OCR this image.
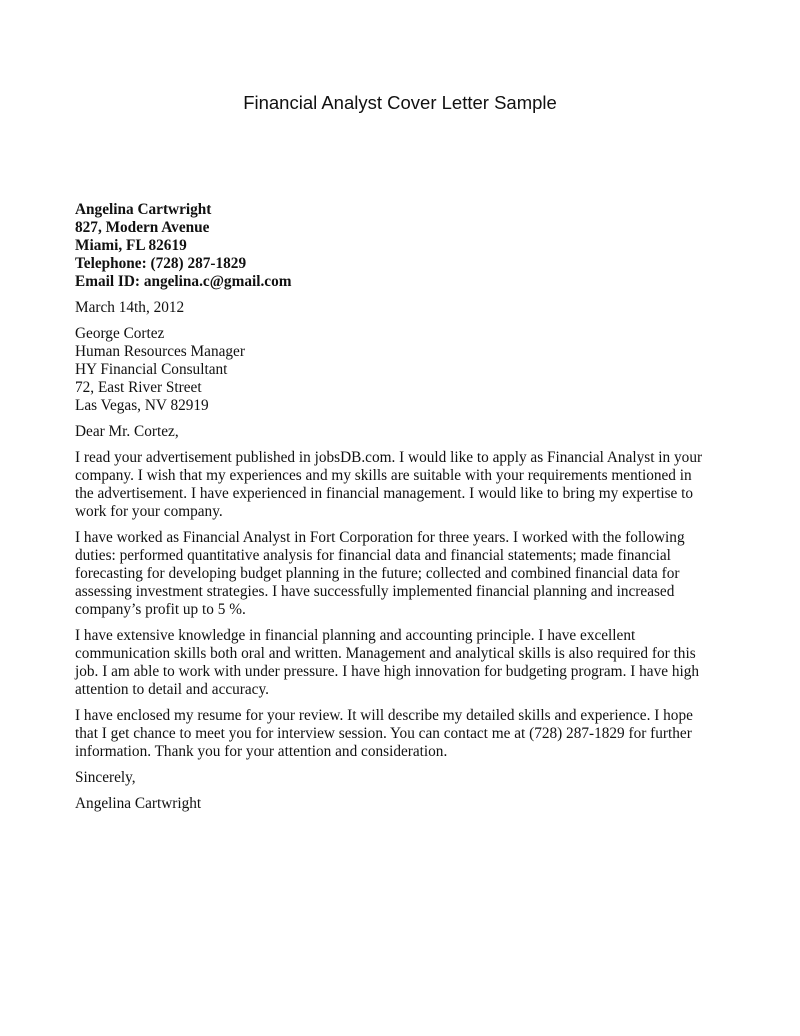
Financial Analyst Cover Letter Sample
Angelina Cartwright
827, Modern Avenue
Miami, FL 82619
Telephone: (728) 287-1829
Email ID: angelina.c@gmail.com
March 14th, 2012
George Cortez
Human Resources Manager
HY Financial Consultant
72, East River Street
Las Vegas, NV 82919
Dear Mr. Cortez,
I read your advertisement published in jobsDB.com. I would like to apply as Financial Analyst in your
company. I wish that my experiences and my skills are suitable with your requirements mentioned in
the advertisement. I have experienced in financial management. I would like to bring my expertise to
work for your company.
I have worked as Financial Analyst in Fort Corporation for three years. I worked with the following
duties: performed quantitative analysis for financial data and financial statements; made financial
forecasting for developing budget planning in the future; collected and combined financial data for
assessing investment strategies. I have successfully implemented financial planning and increased
company’s profit up to 5 %.
I have extensive knowledge in financial planning and accounting principle. I have excellent
communication skills both oral and written. Management and analytical skills is also required for this
job. I am able to work with under pressure. I have high innovation for budgeting program. I have high
attention to detail and accuracy.
I have enclosed my resume for your review. It will describe my detailed skills and experience. I hope
that I get chance to meet you for interview session. You can contact me at (728) 287-1829 for further
information. Thank you for your attention and consideration.
Sincerely,
Angelina Cartwright
